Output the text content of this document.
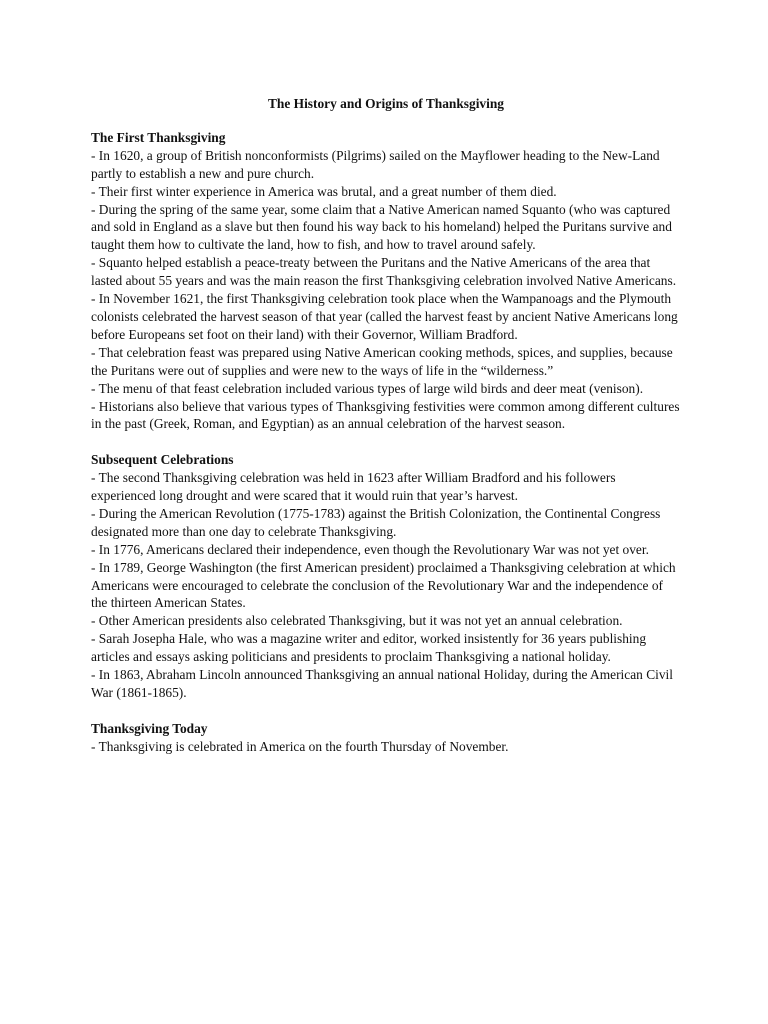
The History and Origins of Thanksgiving

The First Thanksgiving

- In 1620, a group of British nonconformists (Pilgrims) sailed on the Mayflower heading to the New-Land partly to establish a new and pure church.

- Their first winter experience in America was brutal, and a great number of them died.

- During the spring of the same year, some claim that a Native American named Squanto (who was captured and sold in England as a slave but then found his way back to his homeland) helped the Puritans survive and taught them how to cultivate the land, how to fish, and how to travel around safely.

- Squanto helped establish a peace-treaty between the Puritans and the Native Americans of the area that lasted about 55 years and was the main reason the first Thanksgiving celebration involved Native Americans.

- In November 1621, the first Thanksgiving celebration took place when the Wampanoags and the Plymouth colonists celebrated the harvest season of that year (called the harvest feast by ancient Native Americans long before Europeans set foot on their land) with their Governor, William Bradford.

- That celebration feast was prepared using Native American cooking methods, spices, and supplies, because the Puritans were out of supplies and were new to the ways of life in the “wilderness.”

- The menu of that feast celebration included various types of large wild birds and deer meat (venison).

- Historians also believe that various types of Thanksgiving festivities were common among different cultures in the past (Greek, Roman, and Egyptian) as an annual celebration of the harvest season.

Subsequent Celebrations

- The second Thanksgiving celebration was held in 1623 after William Bradford and his followers experienced long drought and were scared that it would ruin that year’s harvest.

- During the American Revolution (1775-1783) against the British Colonization, the Continental Congress designated more than one day to celebrate Thanksgiving.

- In 1776, Americans declared their independence, even though the Revolutionary War was not yet over.

- In 1789, George Washington (the first American president) proclaimed a Thanksgiving celebration at which Americans were encouraged to celebrate the conclusion of the Revolutionary War and the independence of the thirteen American States.

- Other American presidents also celebrated Thanksgiving, but it was not yet an annual celebration.

- Sarah Josepha Hale, who was a magazine writer and editor, worked insistently for 36 years publishing articles and essays asking politicians and presidents to proclaim Thanksgiving a national holiday.

- In 1863, Abraham Lincoln announced Thanksgiving an annual national Holiday, during the American Civil War (1861-1865).

Thanksgiving Today

- Thanksgiving is celebrated in America on the fourth Thursday of November.
